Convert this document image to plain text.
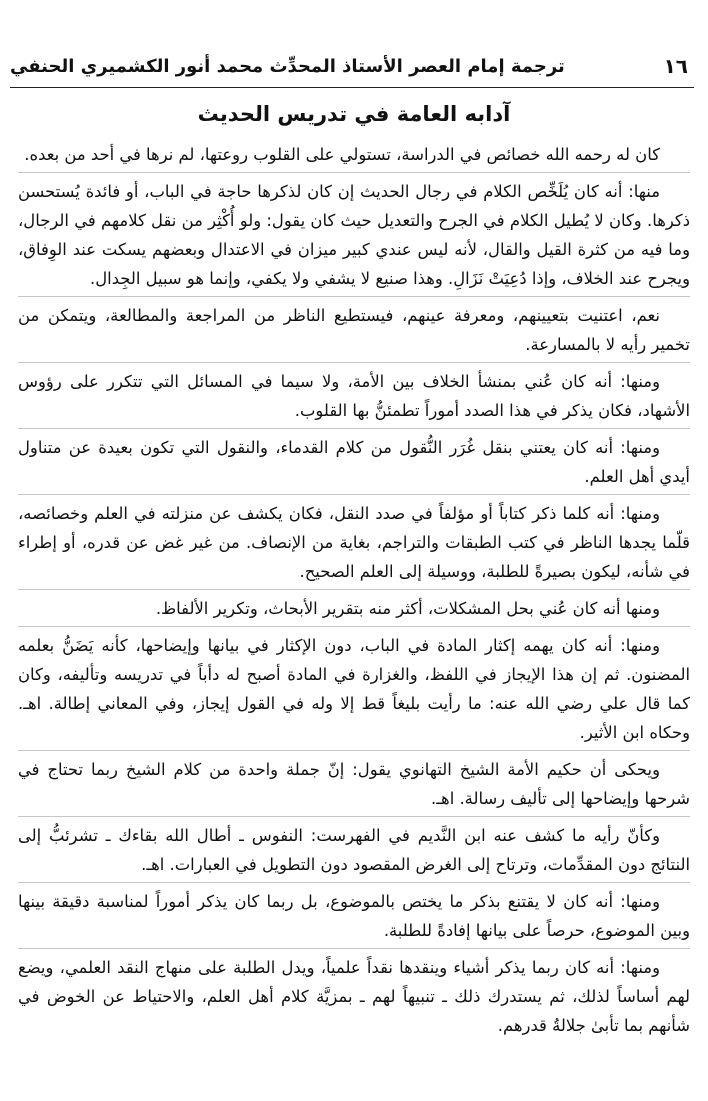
١٦
ترجمة إمام العصر الأستاذ المحدِّث محمد أنور الكشميري الحنفي
آدابه العامة في تدريس الحديث

كان له رحمه الله خصائص في الدراسة، تستولي على القلوب روعتها، لم نرها في أحد من بعده.

منها: أنه كان يُلَخِّص الكلام في رجال الحديث إن كان لذكرها حاجة في الباب، أو فائدة يُستحسن ذكرها. وكان لا يُطيل الكلام في الجرح والتعديل حيث كان يقول: ولو أُكْثِر من نقل كلامهم في الرجال، وما فيه من كثرة القيل والقال، لأنه ليس عندي كبير ميزان في الاعتدال وبعضهم يسكت عند الوِفاق، ويجرح عند الخلاف، وإذا دُعِيَتْ نَزَالِ. وهذا صنيع لا يشفي ولا يكفي، وإنما هو سبيل الجِدال.

نعم، اعتنيت بتعيينهم، ومعرفة عينهم، فيستطيع الناظر من المراجعة والمطالعة، ويتمكن من تخمير رأيه لا بالمسارعة.

ومنها: أنه كان عُني بمنشأ الخلاف بين الأمة، ولا سيما في المسائل التي تتكرر على رؤوس الأشهاد، فكان يذكر في هذا الصدد أموراً تطمئنُّ بها القلوب.

ومنها: أنه كان يعتني بنقل غُرَر النُّقول من كلام القدماء، والنقول التي تكون بعيدة عن متناول أيدي أهل العلم.

ومنها: أنه كلما ذكر كتاباً أو مؤلفاً في صدد النقل، فكان يكشف عن منزلته في العلم وخصائصه، قلّما يجدها الناظر في كتب الطبقات والتراجم، بغاية من الإنصاف. من غير غض عن قدره، أو إطراء في شأنه، ليكون بصيرةً للطلبة، ووسيلة إلى العلم الصحيح.

ومنها أنه كان عُني بحل المشكلات، أكثر منه بتقرير الأبحاث، وتكرير الألفاظ.

ومنها: أنه كان يهمه إكثار المادة في الباب، دون الإكثار في بيانها وإيضاحها، كأنه يَضَنُّ بعلمه المضنون. ثم إن هذا الإيجاز في اللفظ، والغزارة في المادة أصبح له دأباً في تدريسه وتأليفه، وكان كما قال علي رضي الله عنه: ما رأيت بليغاً قط إلا وله في القول إيجاز، وفي المعاني إطالة. اهـ. وحكاه ابن الأثير.

ويحكى أن حكيم الأمة الشيخ التهانوي يقول: إنّ جملة واحدة من كلام الشيخ ربما تحتاج في شرحها وإيضاحها إلى تأليف رسالة. اهـ.

وكأنّ رأيه ما كشف عنه ابن النَّديم في الفهرست: النفوس ـ أطال الله بقاءك ـ تشرئبُّ إلى النتائج دون المقدِّمات، وترتاح إلى الغرض المقصود دون التطويل في العبارات. اهـ.

ومنها: أنه كان لا يقتنع بذكر ما يختص بالموضوع، بل ربما كان يذكر أموراً لمناسبة دقيقة بينها وبين الموضوع، حرصاً على بيانها إفادةً للطلبة.

ومنها: أنه كان ربما يذكر أشياء وينقدها نقداً علمياً، ويدل الطلبة على منهاج النقد العلمي، ويضع لهم أساساً لذلك، ثم يستدرك ذلك ـ تنبيهاً لهم ـ بمزيَّة كلام أهل العلم، والاحتياط عن الخوض في شأنهم بما تأبىٰ جلالةُ قدرهم.
